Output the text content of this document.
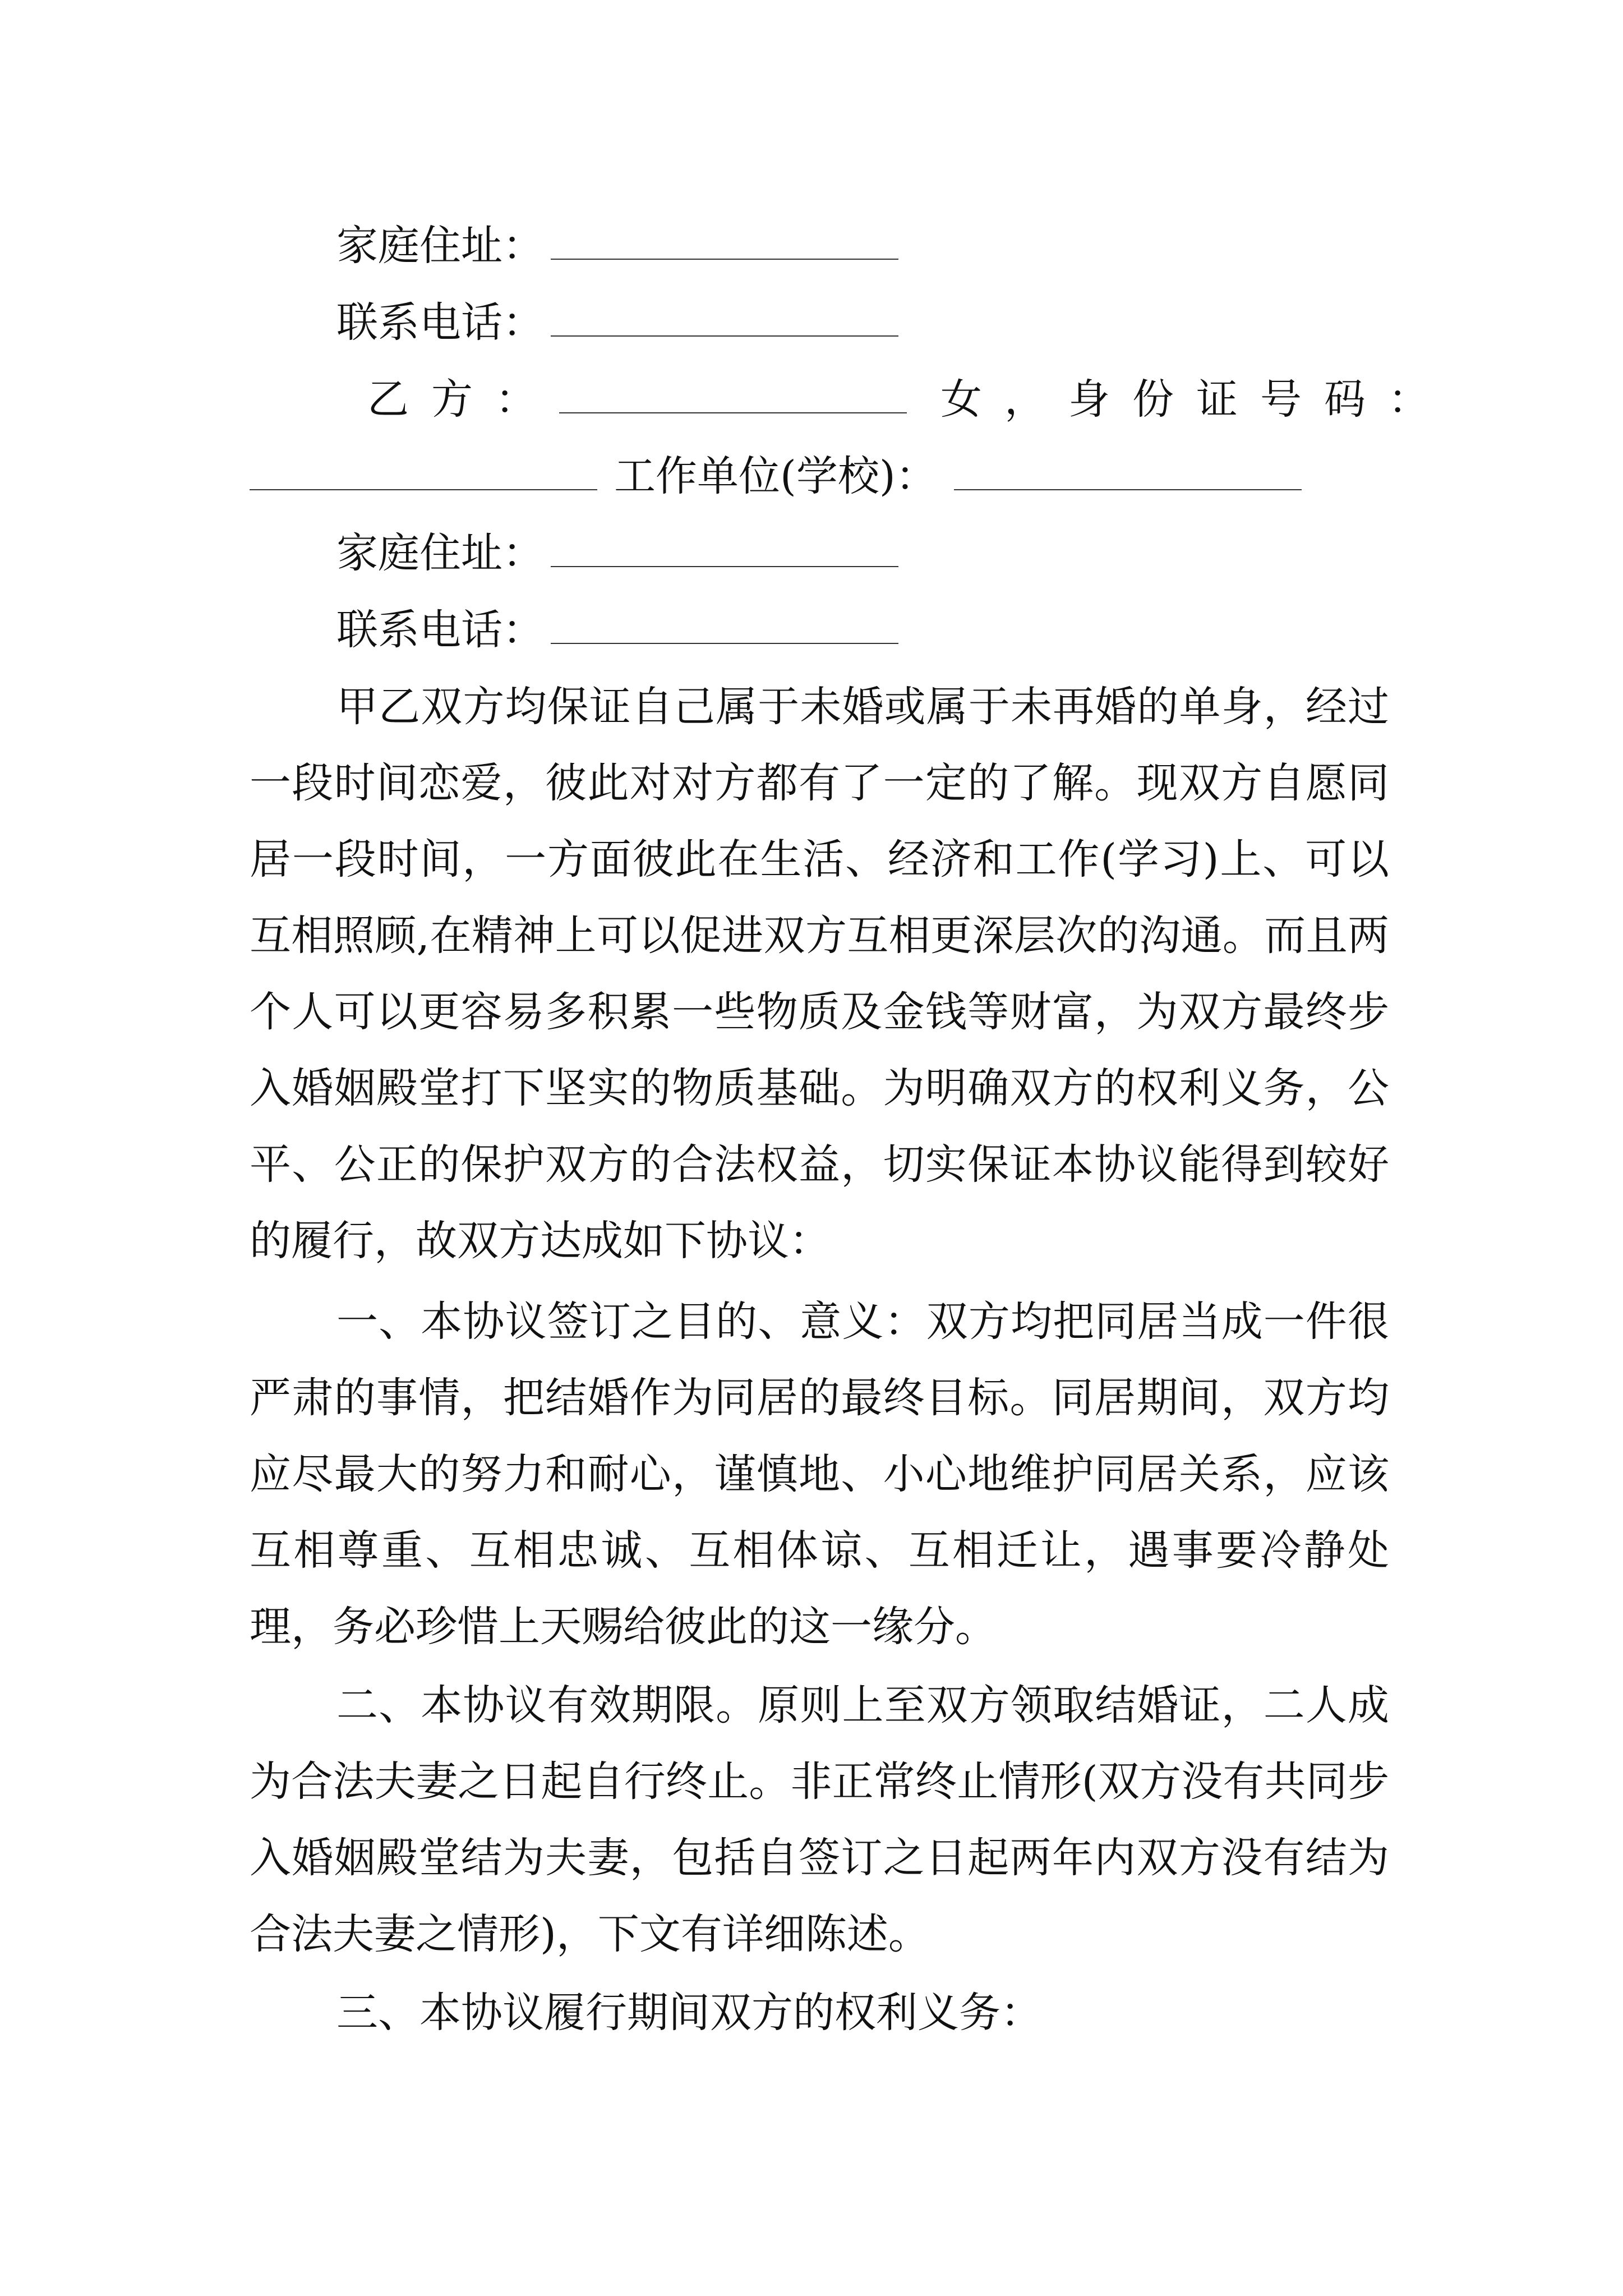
家庭住址：
联系电话：
乙方：	女，身份证号码：
工作单位(学校)：
家庭住址：
联系电话：

甲乙双方均保证自己属于未婚或属于未再婚的单身，经过一段时间恋爱，彼此对对方都有了一定的了解。现双方自愿同居一段时间，一方面彼此在生活、经济和工作(学习)上、可以互相照顾,在精神上可以促进双方互相更深层次的沟通。而且两个人可以更容易多积累一些物质及金钱等财富，为双方最终步入婚姻殿堂打下坚实的物质基础。为明确双方的权利义务，公平、公正的保护双方的合法权益，切实保证本协议能得到较好的履行，故双方达成如下协议：

一、本协议签订之目的、意义：双方均把同居当成一件很严肃的事情，把结婚作为同居的最终目标。同居期间，双方均应尽最大的努力和耐心，谨慎地、小心地维护同居关系，应该互相尊重、互相忠诚、互相体谅、互相迁让，遇事要冷静处理，务必珍惜上天赐给彼此的这一缘分。

二、本协议有效期限。原则上至双方领取结婚证，二人成为合法夫妻之日起自行终止。非正常终止情形(双方没有共同步入婚姻殿堂结为夫妻，包括自签订之日起两年内双方没有结为合法夫妻之情形)，下文有详细陈述。

三、本协议履行期间双方的权利义务：
